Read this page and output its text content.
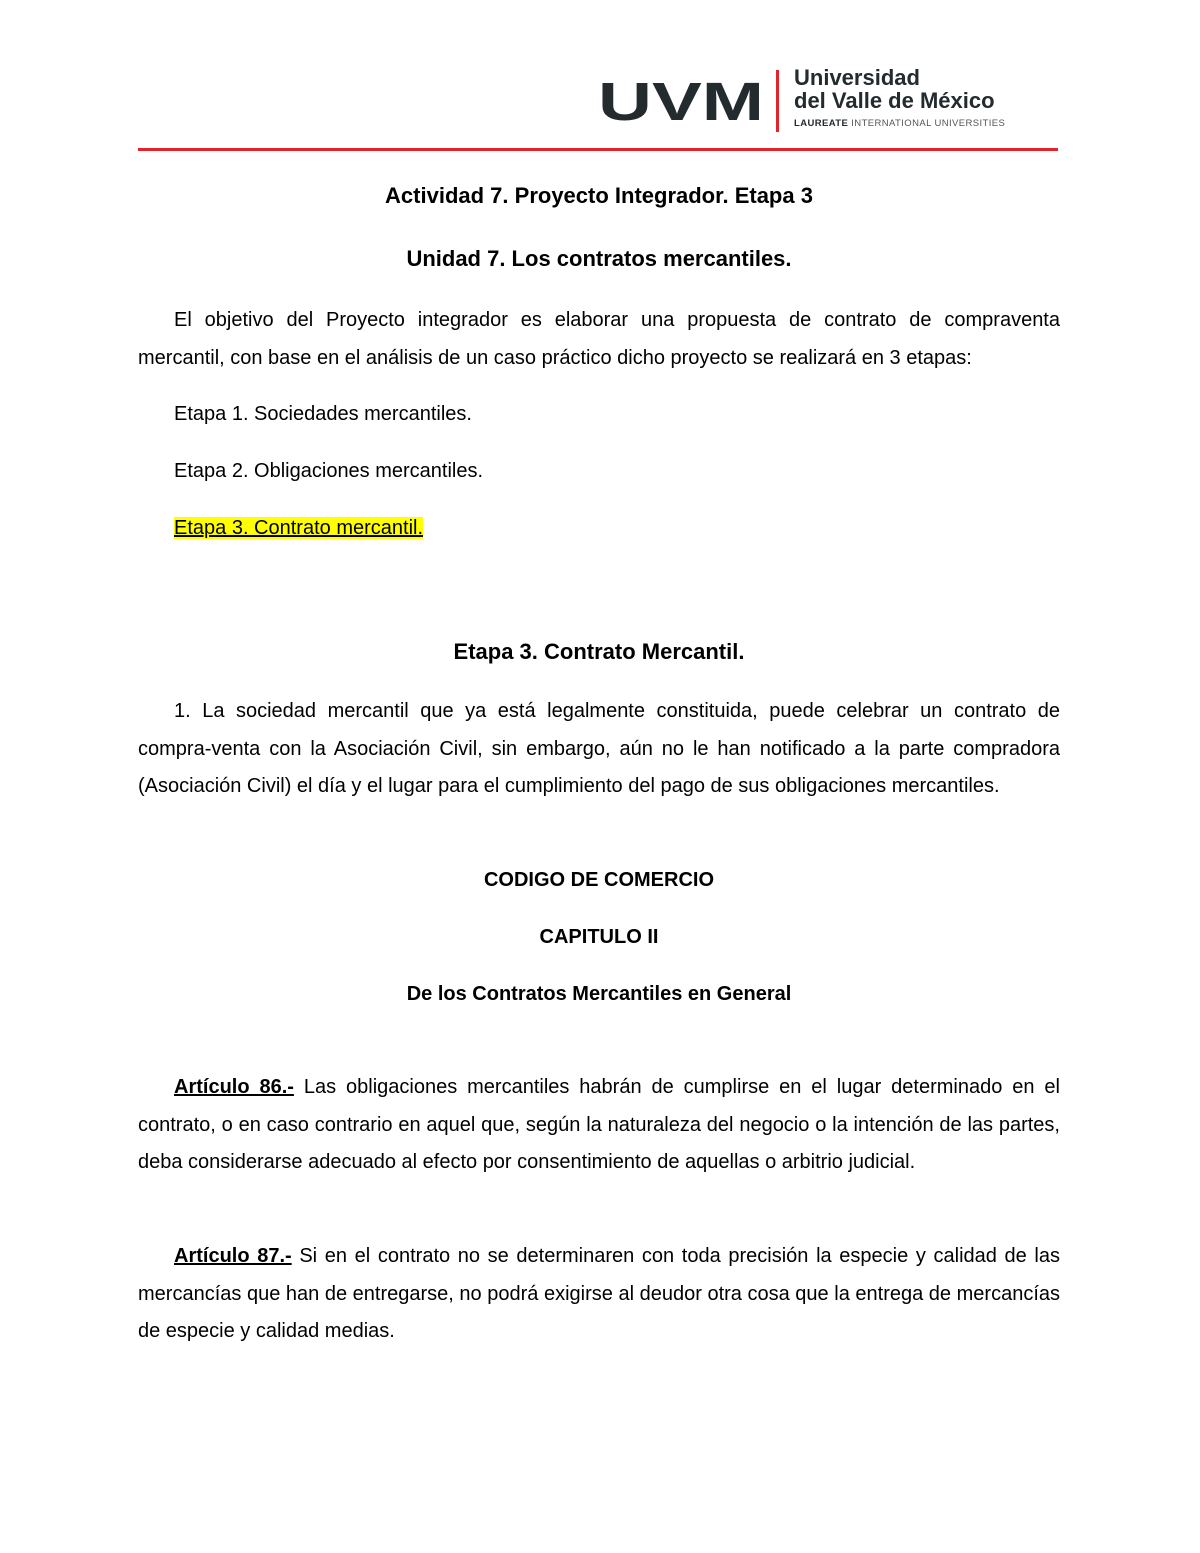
UVM Universidad
del Valle de México
LAUREATE INTERNATIONAL UNIVERSITIES
Actividad 7. Proyecto Integrador. Etapa 3
Unidad 7. Los contratos mercantiles.
El objetivo del Proyecto integrador es elaborar una propuesta de contrato de compraventa mercantil, con base en el análisis de un caso práctico dicho proyecto se realizará en 3 etapas:
Etapa 1. Sociedades mercantiles.
Etapa 2. Obligaciones mercantiles.
Etapa 3. Contrato mercantil.
Etapa 3. Contrato Mercantil.
1. La sociedad mercantil que ya está legalmente constituida, puede celebrar un contrato de compra-venta con la Asociación Civil, sin embargo, aún no le han notificado a la parte compradora (Asociación Civil) el día y el lugar para el cumplimiento del pago de sus obligaciones mercantiles.
CODIGO DE COMERCIO
CAPITULO II
De los Contratos Mercantiles en General
Artículo 86.- Las obligaciones mercantiles habrán de cumplirse en el lugar determinado en el contrato, o en caso contrario en aquel que, según la naturaleza del negocio o la intención de las partes, deba considerarse adecuado al efecto por consentimiento de aquellas o arbitrio judicial.
Artículo 87.- Si en el contrato no se determinaren con toda precisión la especie y calidad de las mercancías que han de entregarse, no podrá exigirse al deudor otra cosa que la entrega de mercancías de especie y calidad medias.
